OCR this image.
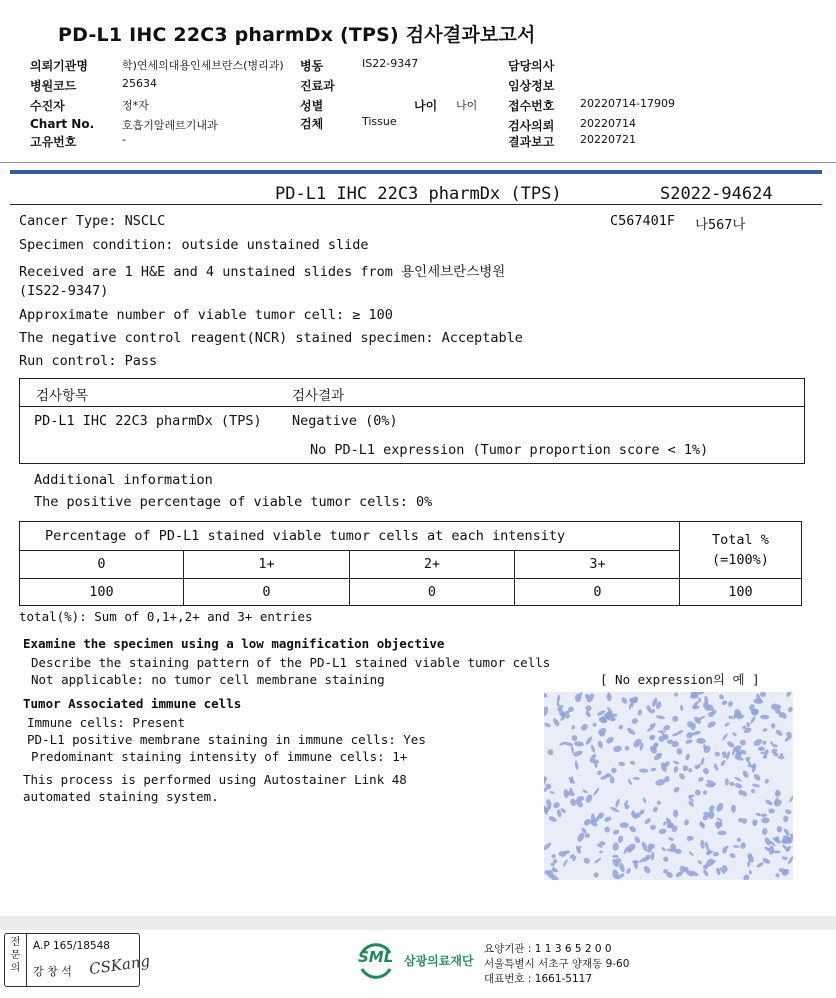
PD-L1 IHC 22C3 pharmDx (TPS) 검사결과보고서
의뢰기관명	학)연세의대용인세브란스(병리과)
병원코드	25634
수진자	정*자
Chart No.	호흡기알레르기내과
고유번호	-
병동	IS22-9347
진료과
성별	나이 나이
검체	Tissue
담당의사
임상정보
접수번호 20220714-17909
검사의뢰 20220714
결과보고 20220721
PD-L1 IHC 22C3 pharmDx (TPS)	S2022-94624
Cancer Type: NSCLC	C567401F 나567나
Specimen condition: outside unstained slide
Received are 1 H&E and 4 unstained slides from 용인세브란스병원
(IS22-9347)
Approximate number of viable tumor cell: ≥ 100
The negative control reagent(NCR) stained specimen: Acceptable
Run control: Pass
검사항목	검사결과
PD-L1 IHC 22C3 pharmDx (TPS) Negative (0%)
No PD-L1 expression (Tumor proportion score < 1%)
Additional information
The positive percentage of viable tumor cells: 0%
Percentage of PD-L1 stained viable tumor cells at each intensity	Total %
(=100%)
0	1+	2+	3+
100	0	0	0	100
total(%): Sum of 0,1+,2+ and 3+ entries
Examine the specimen using a low magnification objective
Describe the staining pattern of the PD-L1 stained viable tumor cells
Not applicable: no tumor cell membrane staining	[ No expression의 예 ]
Tumor Associated immune cells
Immune cells: Present
PD-L1 positive membrane staining in immune cells: Yes
Predominant staining intensity of immune cells: 1+
This process is performed using Autostainer Link 48
automated staining system.
전 문 의
A.P 165/18548
강 창 석 CSKang	SML 삼광의료재단
요양기관 : 1 1 3 6 5 2 0 0
서울특별시 서초구 양재동 9-60
대표번호 : 1661-5117
